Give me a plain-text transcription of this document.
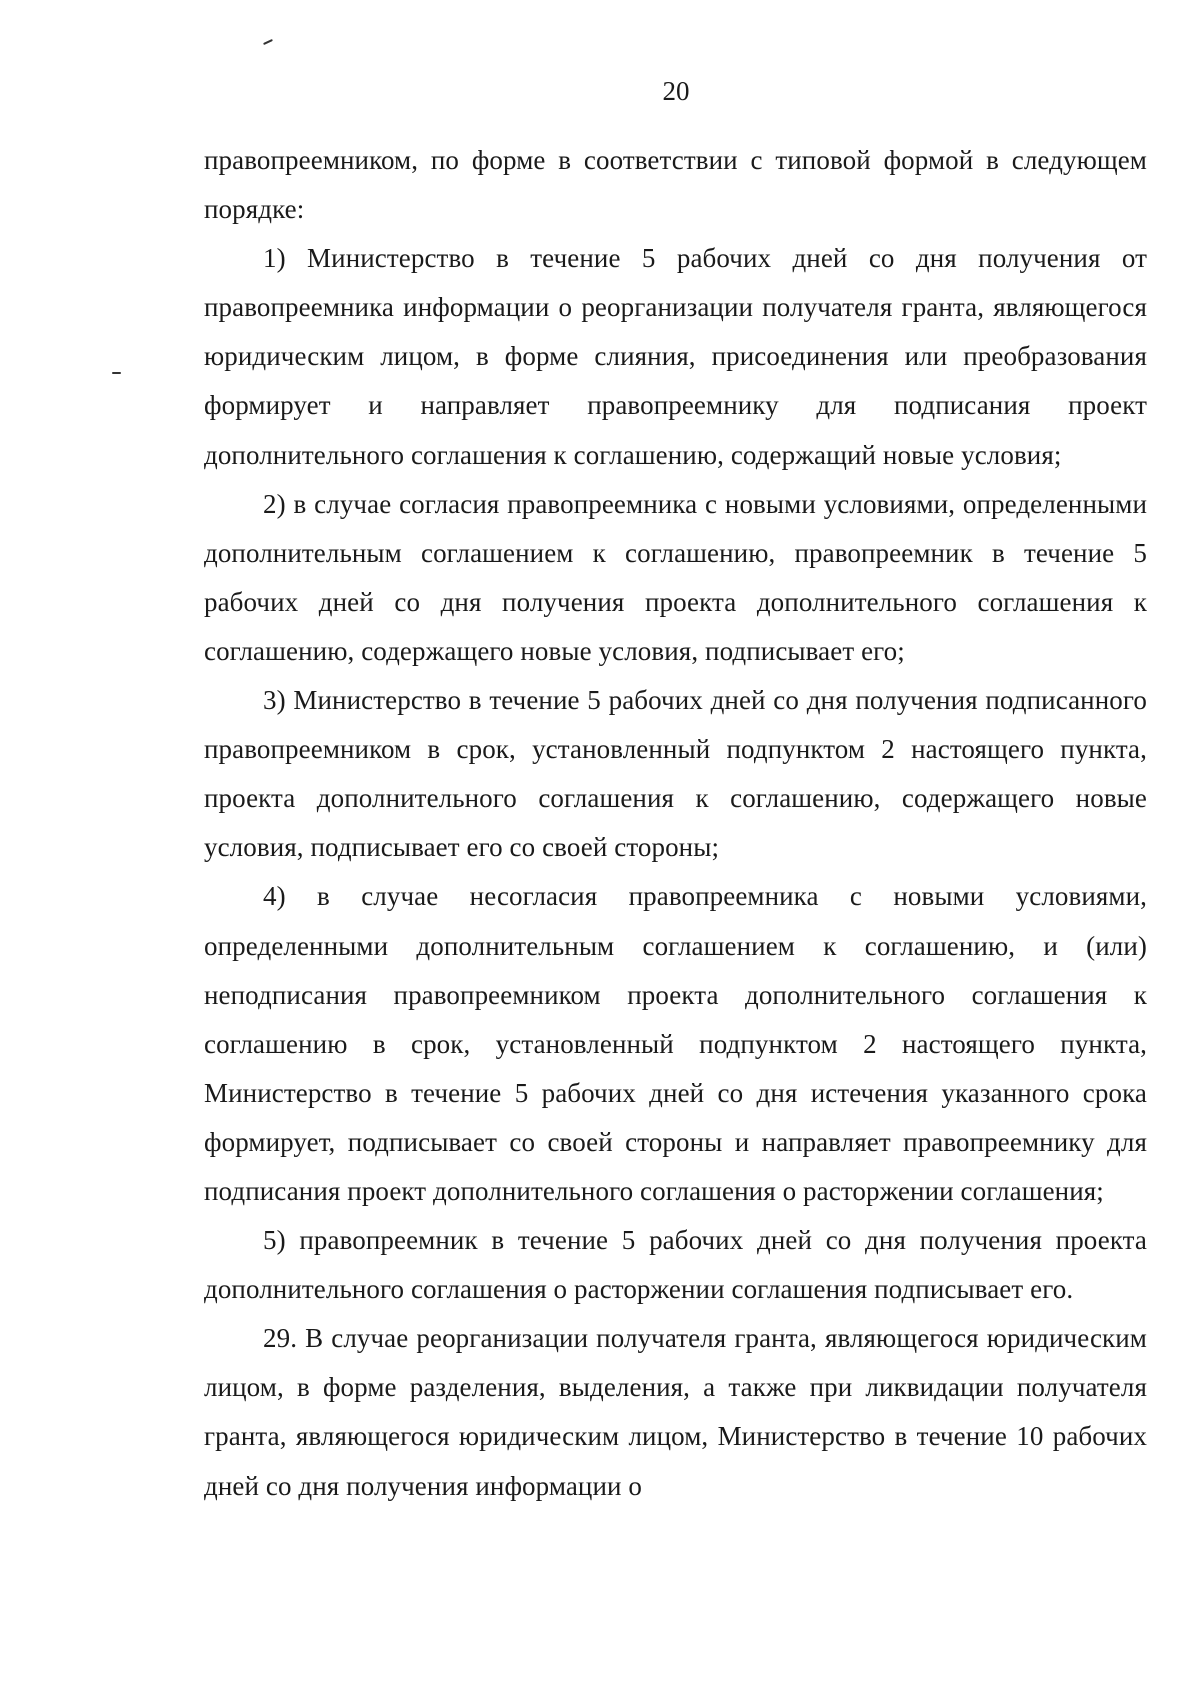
20

правопреемником, по форме в соответствии с типовой формой в следующем порядке:

1) Министерство в течение 5 рабочих дней со дня получения от правопреемника информации о реорганизации получателя гранта, являющегося юридическим лицом, в форме слияния, присоединения или преобразования формирует и направляет правопреемнику для подписания проект дополнительного соглашения к соглашению, содержащий новые условия;

2) в случае согласия правопреемника с новыми условиями, определенными дополнительным соглашением к соглашению, правопреемник в течение 5 рабочих дней со дня получения проекта дополнительного соглашения к соглашению, содержащего новые условия, подписывает его;

3) Министерство в течение 5 рабочих дней со дня получения подписанного правопреемником в срок, установленный подпунктом 2 настоящего пункта, проекта дополнительного соглашения к соглашению, содержащего новые условия, подписывает его со своей стороны;

4) в случае несогласия правопреемника с новыми условиями, определенными дополнительным соглашением к соглашению, и (или) неподписания правопреемником проекта дополнительного соглашения к соглашению в срок, установленный подпунктом 2 настоящего пункта, Министерство в течение 5 рабочих дней со дня истечения указанного срока формирует, подписывает со своей стороны и направляет правопреемнику для подписания проект дополнительного соглашения о расторжении соглашения;

5) правопреемник в течение 5 рабочих дней со дня получения проекта дополнительного соглашения о расторжении соглашения подписывает его.

29. В случае реорганизации получателя гранта, являющегося юридическим лицом, в форме разделения, выделения, а также при ликвидации получателя гранта, являющегося юридическим лицом, Министерство в течение 10 рабочих дней со дня получения информации о
